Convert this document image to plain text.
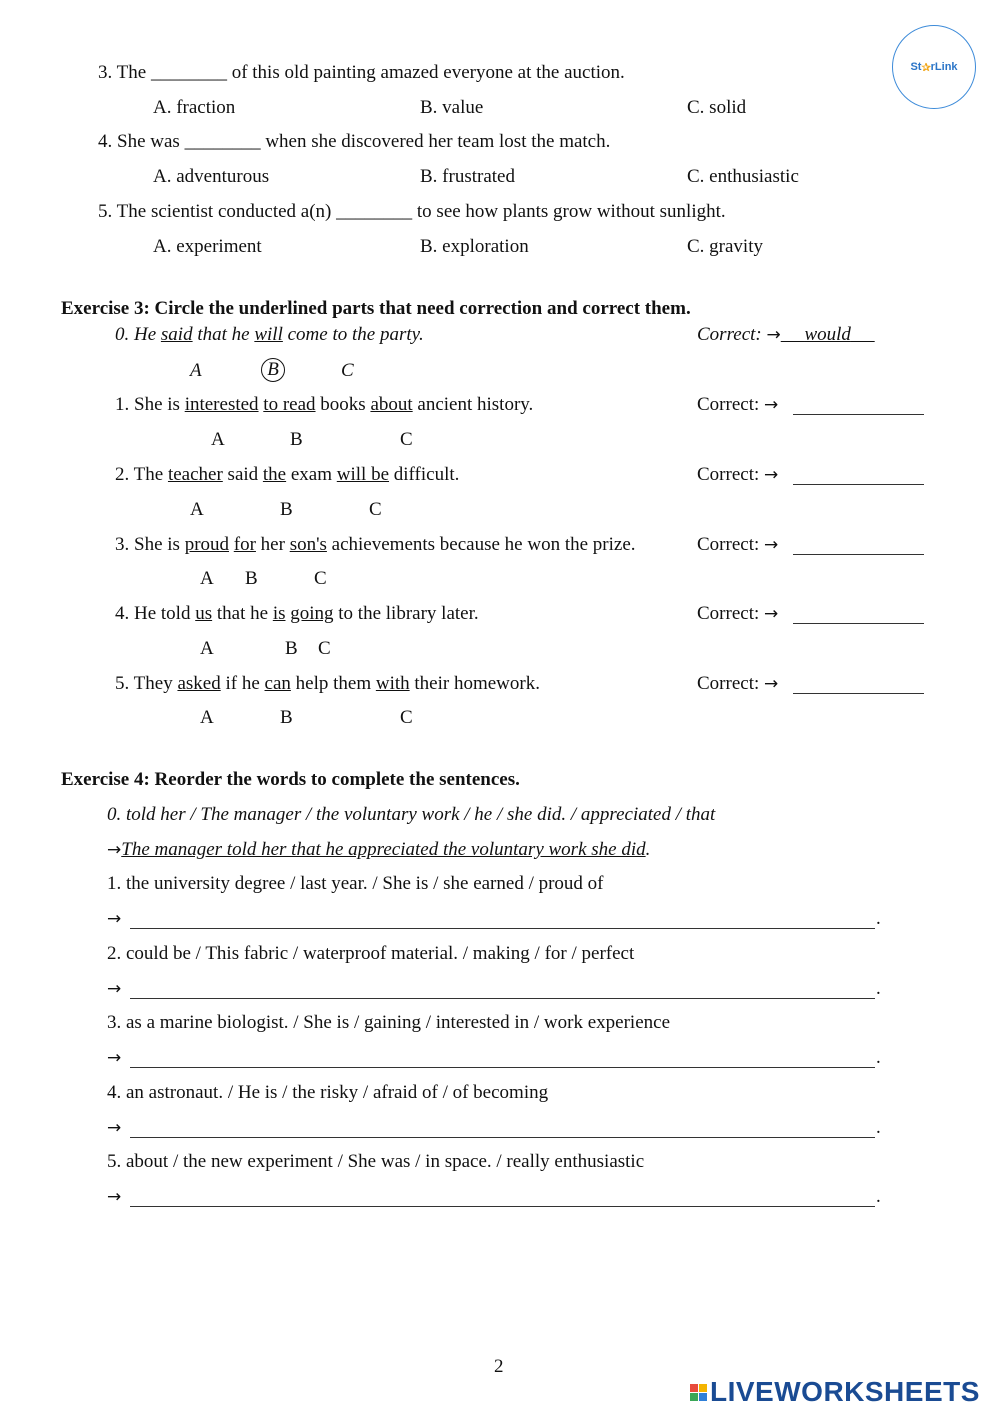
St ✰ rLink
3. The ________ of this old painting amazed everyone at the auction.
A. fraction	B. value	C. solid
4. She was ________ when she discovered her team lost the match.
A. adventurous	B. frustrated	C. enthusiastic
5. The scientist conducted a(n) ________ to see how plants grow without sunlight.
A. experiment	B. exploration	C. gravity
Exercise 3: Circle the underlined parts that need correction and correct them.
0. He said that he will come to the party.	Correct: → would
A	B	C
1. She is interested to read books about ancient history.	Correct: →
A	B	C
2. The teacher said the exam will be difficult.	Correct: →
A	B	C
3. She is proud for her son's achievements because he won the prize.	Correct: →
A B	C
4. He told us that he is going to the library later.	Correct: →
A	B C
5. They asked if he can help them with their homework.	Correct: →
A	B	C
Exercise 4: Reorder the words to complete the sentences.
0. told her / The manager / the voluntary work / he / she did. / appreciated / that
→The manager told her that he appreciated the voluntary work she did.
1. the university degree / last year. / She is / she earned / proud of
→	.
2. could be / This fabric / waterproof material. / making / for / perfect
→	.
3. as a marine biologist. / She is / gaining / interested in / work experience
→	.
4. an astronaut. / He is / the risky / afraid of / of becoming
→	.
5. about / the new experiment / She was / in space. / really enthusiastic
→	.
2
LIVEWORKSHEETS
